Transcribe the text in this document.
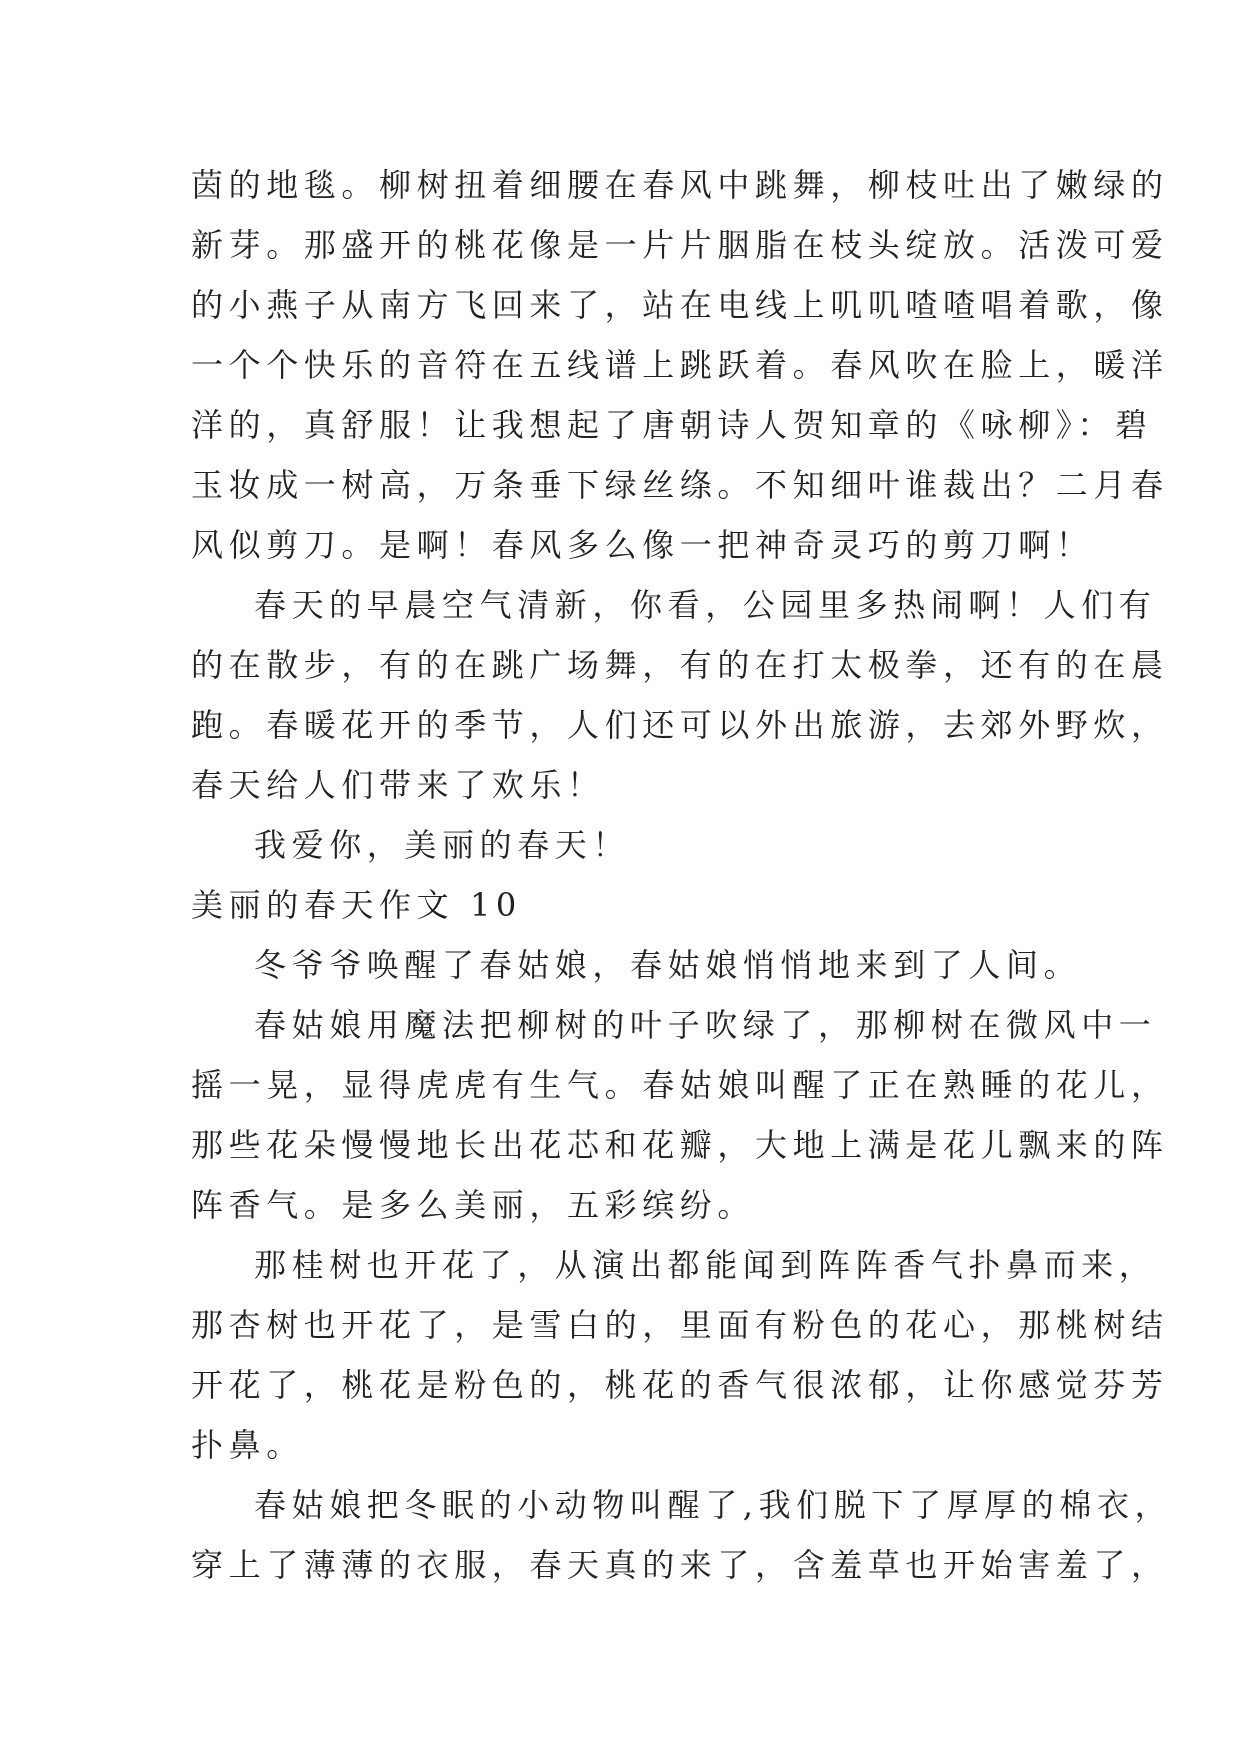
茵的地毯。柳树扭着细腰在春风中跳舞，柳枝吐出了嫩绿的
新芽。那盛开的桃花像是一片片胭脂在枝头绽放。活泼可爱
的小燕子从南方飞回来了，站在电线上叽叽喳喳唱着歌，像
一个个快乐的音符在五线谱上跳跃着。春风吹在脸上，暖洋
洋的，真舒服！让我想起了唐朝诗人贺知章的《咏柳》：碧
玉妆成一树高，万条垂下绿丝绦。不知细叶谁裁出？二月春
风似剪刀。是啊！春风多么像一把神奇灵巧的剪刀啊！
春天的早晨空气清新，你看，公园里多热闹啊！人们有
的在散步，有的在跳广场舞，有的在打太极拳，还有的在晨
跑。春暖花开的季节，人们还可以外出旅游，去郊外野炊，
春天给人们带来了欢乐！
我爱你，美丽的春天！
美丽的春天作文 10
冬爷爷唤醒了春姑娘，春姑娘悄悄地来到了人间。
春姑娘用魔法把柳树的叶子吹绿了，那柳树在微风中一
摇一晃，显得虎虎有生气。春姑娘叫醒了正在熟睡的花儿，
那些花朵慢慢地长出花芯和花瓣，大地上满是花儿飘来的阵
阵香气。是多么美丽，五彩缤纷。
那桂树也开花了，从演出都能闻到阵阵香气扑鼻而来，
那杏树也开花了，是雪白的，里面有粉色的花心，那桃树结
开花了，桃花是粉色的，桃花的香气很浓郁，让你感觉芬芳
扑鼻。
春姑娘把冬眠的小动物叫醒了,我们脱下了厚厚的棉衣，
穿上了薄薄的衣服，春天真的来了，含羞草也开始害羞了，
